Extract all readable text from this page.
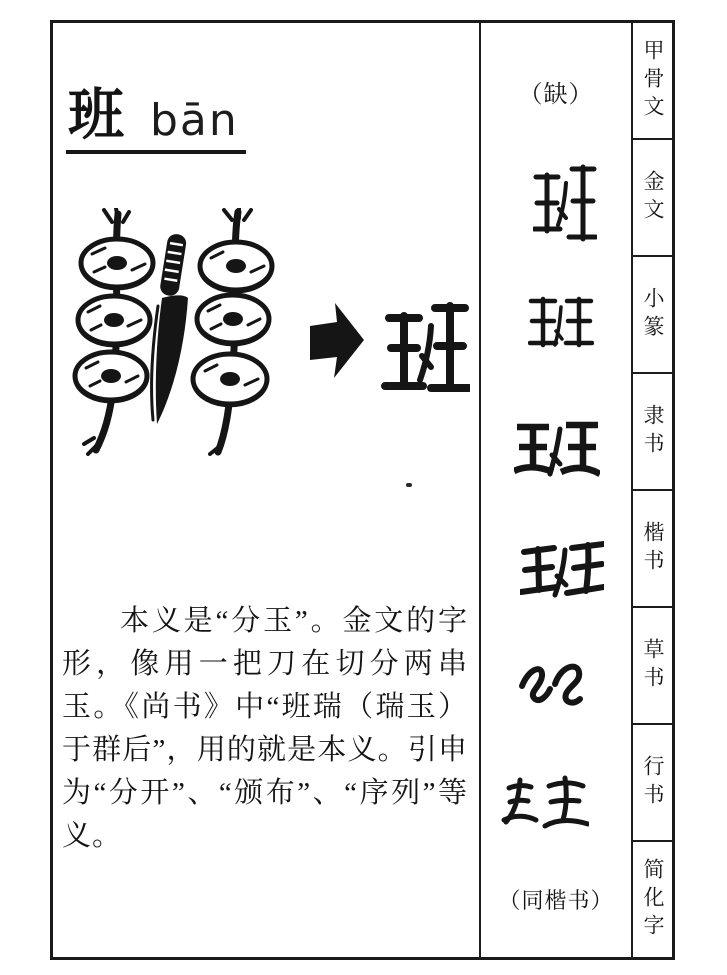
班 bān

本义是“分玉”。金文的字形，像用一把刀在切分两串玉。《尚书》中“班瑞（瑞玉）于群后”，用的就是本义。引申为“分开”、“颁布”、“序列”等义。

（缺）
（同楷书）
甲骨文
金文
小篆
隶书
楷书
草书
行书
简化字
